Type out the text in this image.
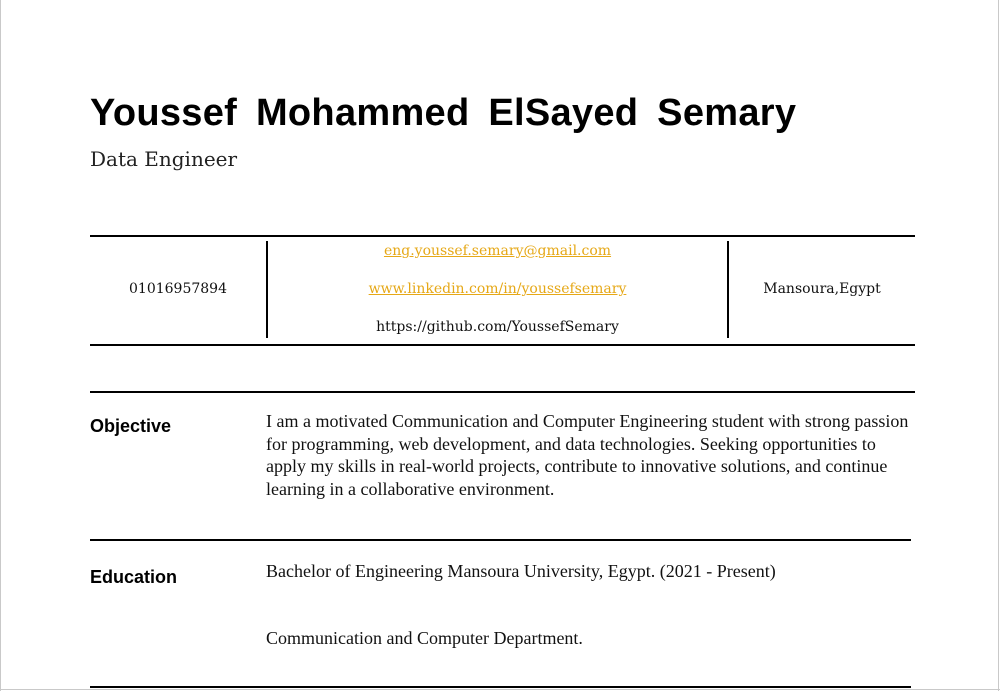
Youssef Mohammed ElSayed Semary
Data Engineer
01016957894
eng.youssef.semary@gmail.com
www.linkedin.com/in/youssefsemary
https://github.com/YoussefSemary
Mansoura,Egypt
Objective	I am a motivated Communication and Computer Engineering student with strong passion for programming, web development, and data technologies. Seeking opportunities to apply my skills in real-world projects, contribute to innovative solutions, and continue learning in a collaborative environment.
Education	Bachelor of Engineering Mansoura University, Egypt. (2021 - Present)
Communication and Computer Department.
